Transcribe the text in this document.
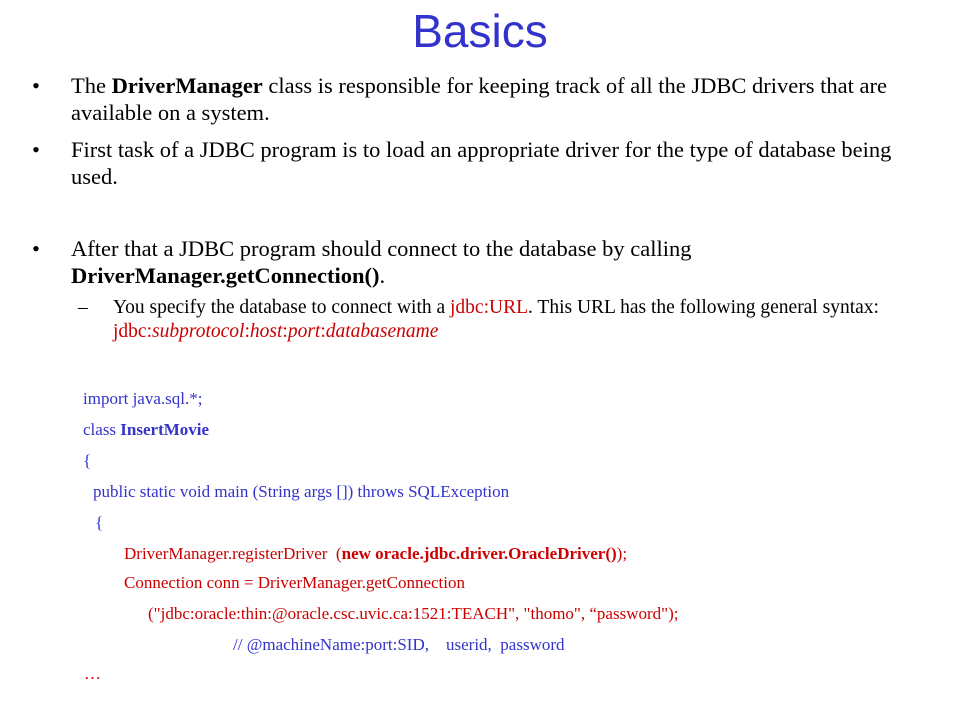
Basics
• The DriverManager class is responsible for keeping track of all the JDBC drivers that are available on a system.
• First task of a JDBC program is to load an appropriate driver for the type of database being used.
• After that a JDBC program should connect to the database by calling DriverManager.getConnection().
– You specify the database to connect with a jdbc:URL. This URL has the following general syntax: jdbc:subprotocol:host:port:databasename
import java.sql.*;
class InsertMovie
{
public static void main (String args []) throws SQLException
{
DriverManager.registerDriver  (new oracle.jdbc.driver.OracleDriver());
Connection conn = DriverManager.getConnection
("jdbc:oracle:thin:@oracle.csc.uvic.ca:1521:TEACH", "thomo", “password");
// @machineName:port:SID,    userid,  password
…
